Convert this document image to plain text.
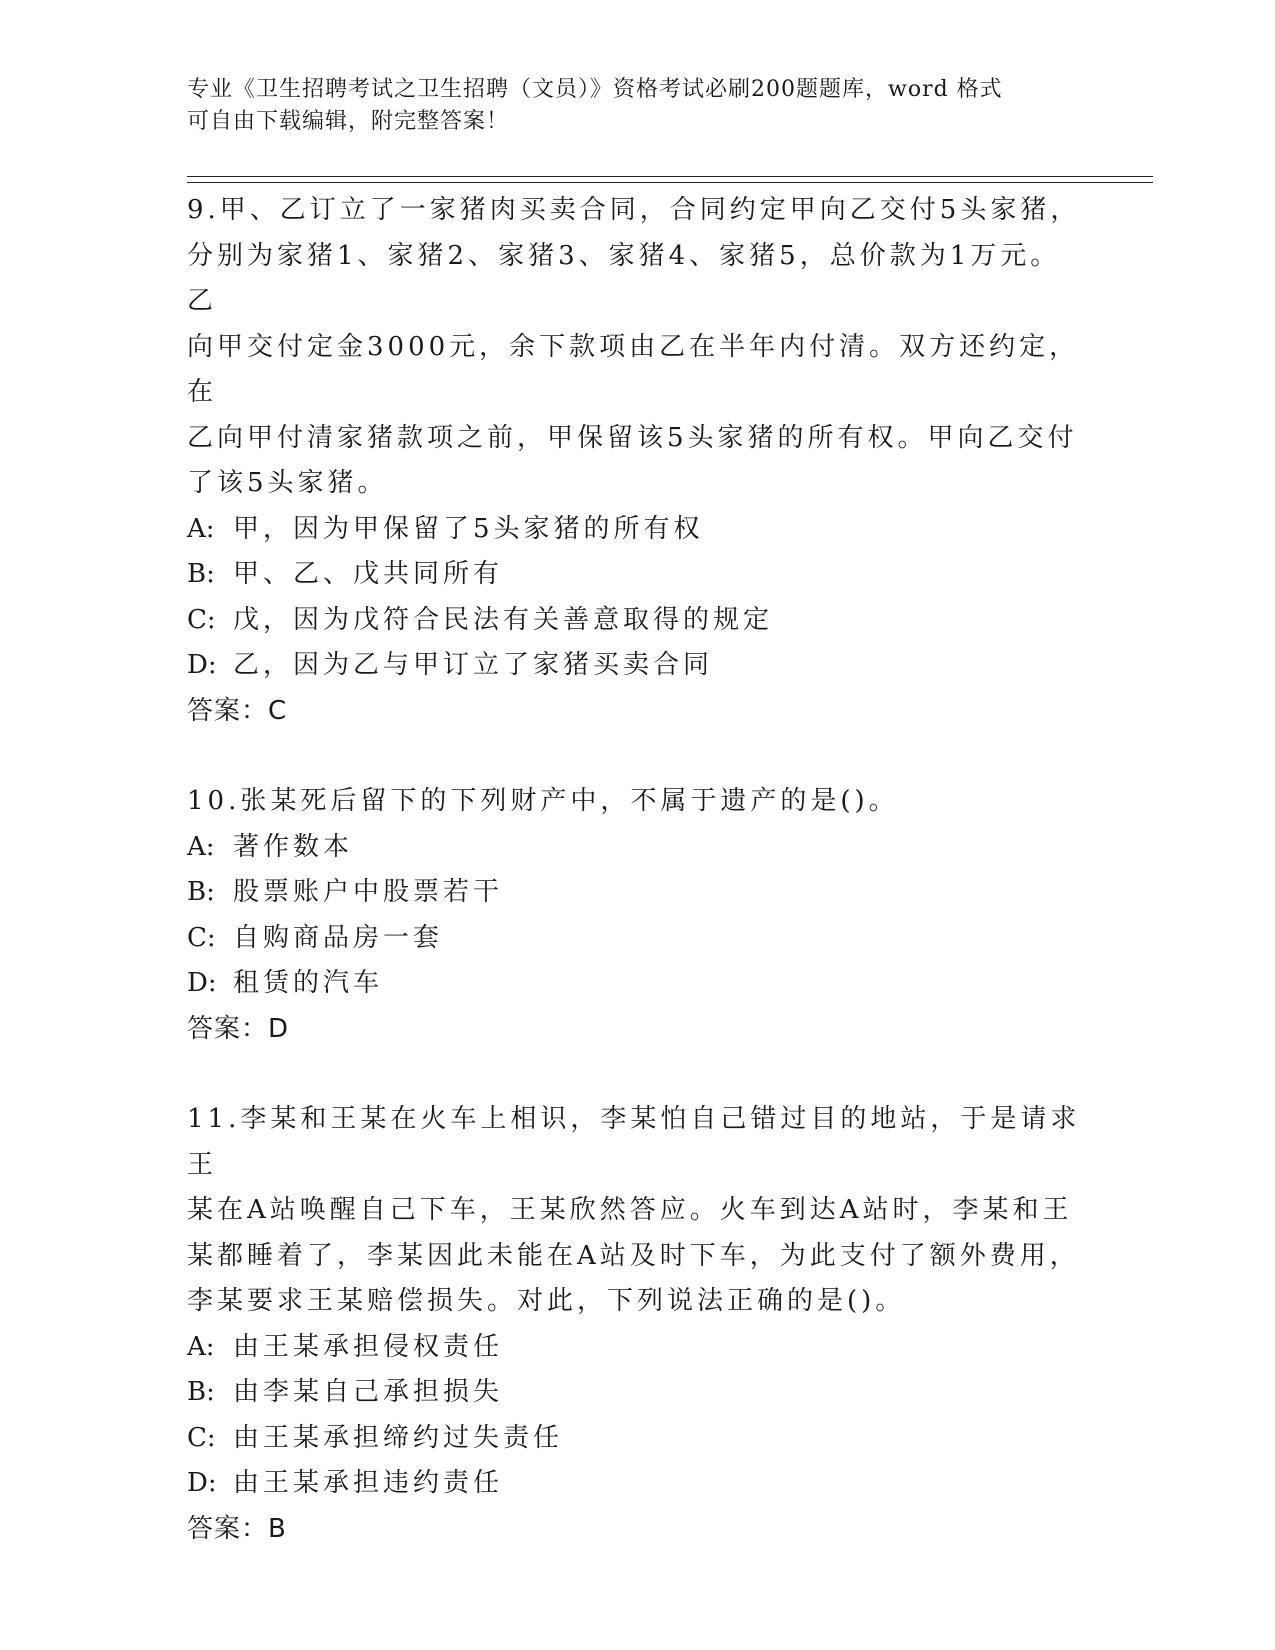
专业《卫生招聘考试之卫生招聘（文员）》资格考试必刷200题题库，word 格式
可自由下载编辑，附完整答案！
9.甲、乙订立了一家猪肉买卖合同，合同约定甲向乙交付5头家猪，
分别为家猪1、家猪2、家猪3、家猪4、家猪5，总价款为1万元。乙
向甲交付定金3000元，余下款项由乙在半年内付清。双方还约定，在
乙向甲付清家猪款项之前，甲保留该5头家猪的所有权。甲向乙交付
了该5头家猪。
A: 甲，因为甲保留了5头家猪的所有权
B: 甲、乙、戊共同所有
C: 戊，因为戊符合民法有关善意取得的规定
D: 乙，因为乙与甲订立了家猪买卖合同
答案：C
10.张某死后留下的下列财产中，不属于遗产的是()。
A: 著作数本
B: 股票账户中股票若干
C: 自购商品房一套
D: 租赁的汽车
答案：D
11.李某和王某在火车上相识，李某怕自己错过目的地站，于是请求王
某在A站唤醒自己下车，王某欣然答应。火车到达A站时，李某和王
某都睡着了，李某因此未能在A站及时下车，为此支付了额外费用，
李某要求王某赔偿损失。对此，下列说法正确的是()。
A: 由王某承担侵权责任
B: 由李某自己承担损失
C: 由王某承担缔约过失责任
D: 由王某承担违约责任
答案：B
